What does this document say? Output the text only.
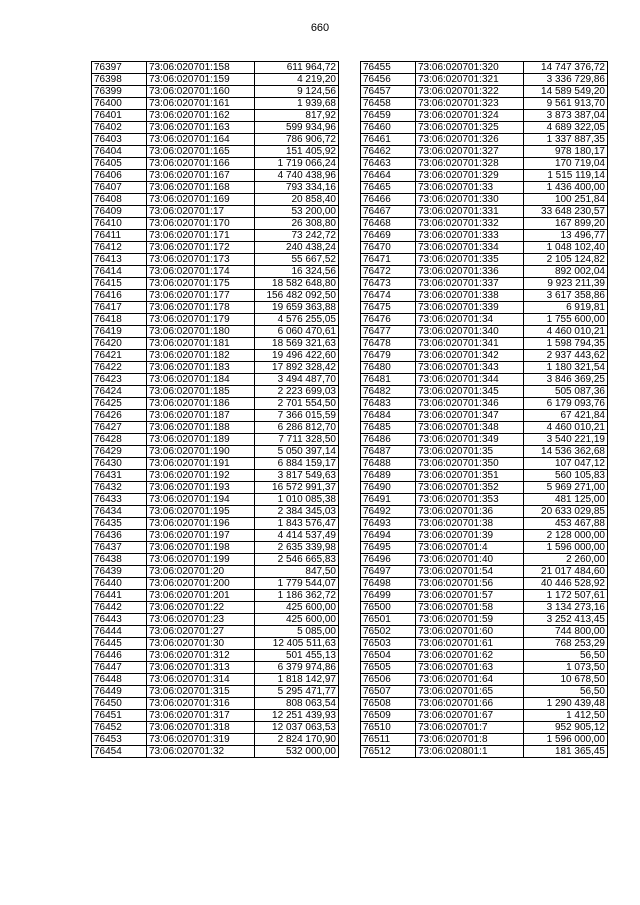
660
76397	73:06:020701:158	611 964,72
76398	73:06:020701:159	4 219,20
76399	73:06:020701:160	9 124,56
76400	73:06:020701:161	1 939,68
76401	73:06:020701:162	817,92
76402	73:06:020701:163	599 934,96
76403	73:06:020701:164	786 906,72
76404	73:06:020701:165	151 405,92
76405	73:06:020701:166	1 719 066,24
76406	73:06:020701:167	4 740 438,96
76407	73:06:020701:168	793 334,16
76408	73:06:020701:169	20 858,40
76409	73:06:020701:17	53 200,00
76410	73:06:020701:170	26 308,80
76411	73:06:020701:171	73 242,72
76412	73:06:020701:172	240 438,24
76413	73:06:020701:173	55 667,52
76414	73:06:020701:174	16 324,56
76415	73:06:020701:175	18 582 648,80
76416	73:06:020701:177	156 482 092,50
76417	73:06:020701:178	19 659 363,88
76418	73:06:020701:179	4 576 255,05
76419	73:06:020701:180	6 060 470,61
76420	73:06:020701:181	18 569 321,63
76421	73:06:020701:182	19 496 422,60
76422	73:06:020701:183	17 892 328,42
76423	73:06:020701:184	3 494 487,70
76424	73:06:020701:185	2 223 699,03
76425	73:06:020701:186	2 701 554,50
76426	73:06:020701:187	7 366 015,59
76427	73:06:020701:188	6 286 812,70
76428	73:06:020701:189	7 711 328,50
76429	73:06:020701:190	5 050 397,14
76430	73:06:020701:191	6 884 159,17
76431	73:06:020701:192	3 817 549,63
76432	73:06:020701:193	16 572 991,37
76433	73:06:020701:194	1 010 085,38
76434	73:06:020701:195	2 384 345,03
76435	73:06:020701:196	1 843 576,47
76436	73:06:020701:197	4 414 537,49
76437	73:06:020701:198	2 635 339,98
76438	73:06:020701:199	2 546 665,83
76439	73:06:020701:20	847,50
76440	73:06:020701:200	1 779 544,07
76441	73:06:020701:201	1 186 362,72
76442	73:06:020701:22	425 600,00
76443	73:06:020701:23	425 600,00
76444	73:06:020701:27	5 085,00
76445	73:06:020701:30	12 405 511,63
76446	73:06:020701:312	501 455,13
76447	73:06:020701:313	6 379 974,86
76448	73:06:020701:314	1 818 142,97
76449	73:06:020701:315	5 295 471,77
76450	73:06:020701:316	808 063,54
76451	73:06:020701:317	12 251 439,93
76452	73:06:020701:318	12 037 063,53
76453	73:06:020701:319	2 824 170,90
76454	73:06:020701:32	532 000,00
76455	73:06:020701:320	14 747 376,72
76456	73:06:020701:321	3 336 729,86
76457	73:06:020701:322	14 589 549,20
76458	73:06:020701:323	9 561 913,70
76459	73:06:020701:324	3 873 387,04
76460	73:06:020701:325	4 689 322,05
76461	73:06:020701:326	1 337 887,35
76462	73:06:020701:327	978 180,17
76463	73:06:020701:328	170 719,04
76464	73:06:020701:329	1 515 119,14
76465	73:06:020701:33	1 436 400,00
76466	73:06:020701:330	100 251,84
76467	73:06:020701:331	33 648 230,57
76468	73:06:020701:332	167 899,20
76469	73:06:020701:333	13 496,77
76470	73:06:020701:334	1 048 102,40
76471	73:06:020701:335	2 105 124,82
76472	73:06:020701:336	892 002,04
76473	73:06:020701:337	9 923 211,39
76474	73:06:020701:338	3 617 358,86
76475	73:06:020701:339	6 919,81
76476	73:06:020701:34	1 755 600,00
76477	73:06:020701:340	4 460 010,21
76478	73:06:020701:341	1 598 794,35
76479	73:06:020701:342	2 937 443,62
76480	73:06:020701:343	1 180 321,54
76481	73:06:020701:344	3 846 369,25
76482	73:06:020701:345	505 087,36
76483	73:06:020701:346	6 179 093,76
76484	73:06:020701:347	67 421,84
76485	73:06:020701:348	4 460 010,21
76486	73:06:020701:349	3 540 221,19
76487	73:06:020701:35	14 536 362,68
76488	73:06:020701:350	107 047,12
76489	73:06:020701:351	560 105,83
76490	73:06:020701:352	5 969 271,00
76491	73:06:020701:353	481 125,00
76492	73:06:020701:36	20 633 029,85
76493	73:06:020701:38	453 467,88
76494	73:06:020701:39	2 128 000,00
76495	73:06:020701:4	1 596 000,00
76496	73:06:020701:40	2 260,00
76497	73:06:020701:54	21 017 484,60
76498	73:06:020701:56	40 446 528,92
76499	73:06:020701:57	1 172 507,61
76500	73:06:020701:58	3 134 273,16
76501	73:06:020701:59	3 252 413,45
76502	73:06:020701:60	744 800,00
76503	73:06:020701:61	768 253,29
76504	73:06:020701:62	56,50
76505	73:06:020701:63	1 073,50
76506	73:06:020701:64	10 678,50
76507	73:06:020701:65	56,50
76508	73:06:020701:66	1 290 439,48
76509	73:06:020701:67	1 412,50
76510	73:06:020701:7	952 905,12
76511	73:06:020701:8	1 596 000,00
76512	73:06:020801:1	181 365,45
